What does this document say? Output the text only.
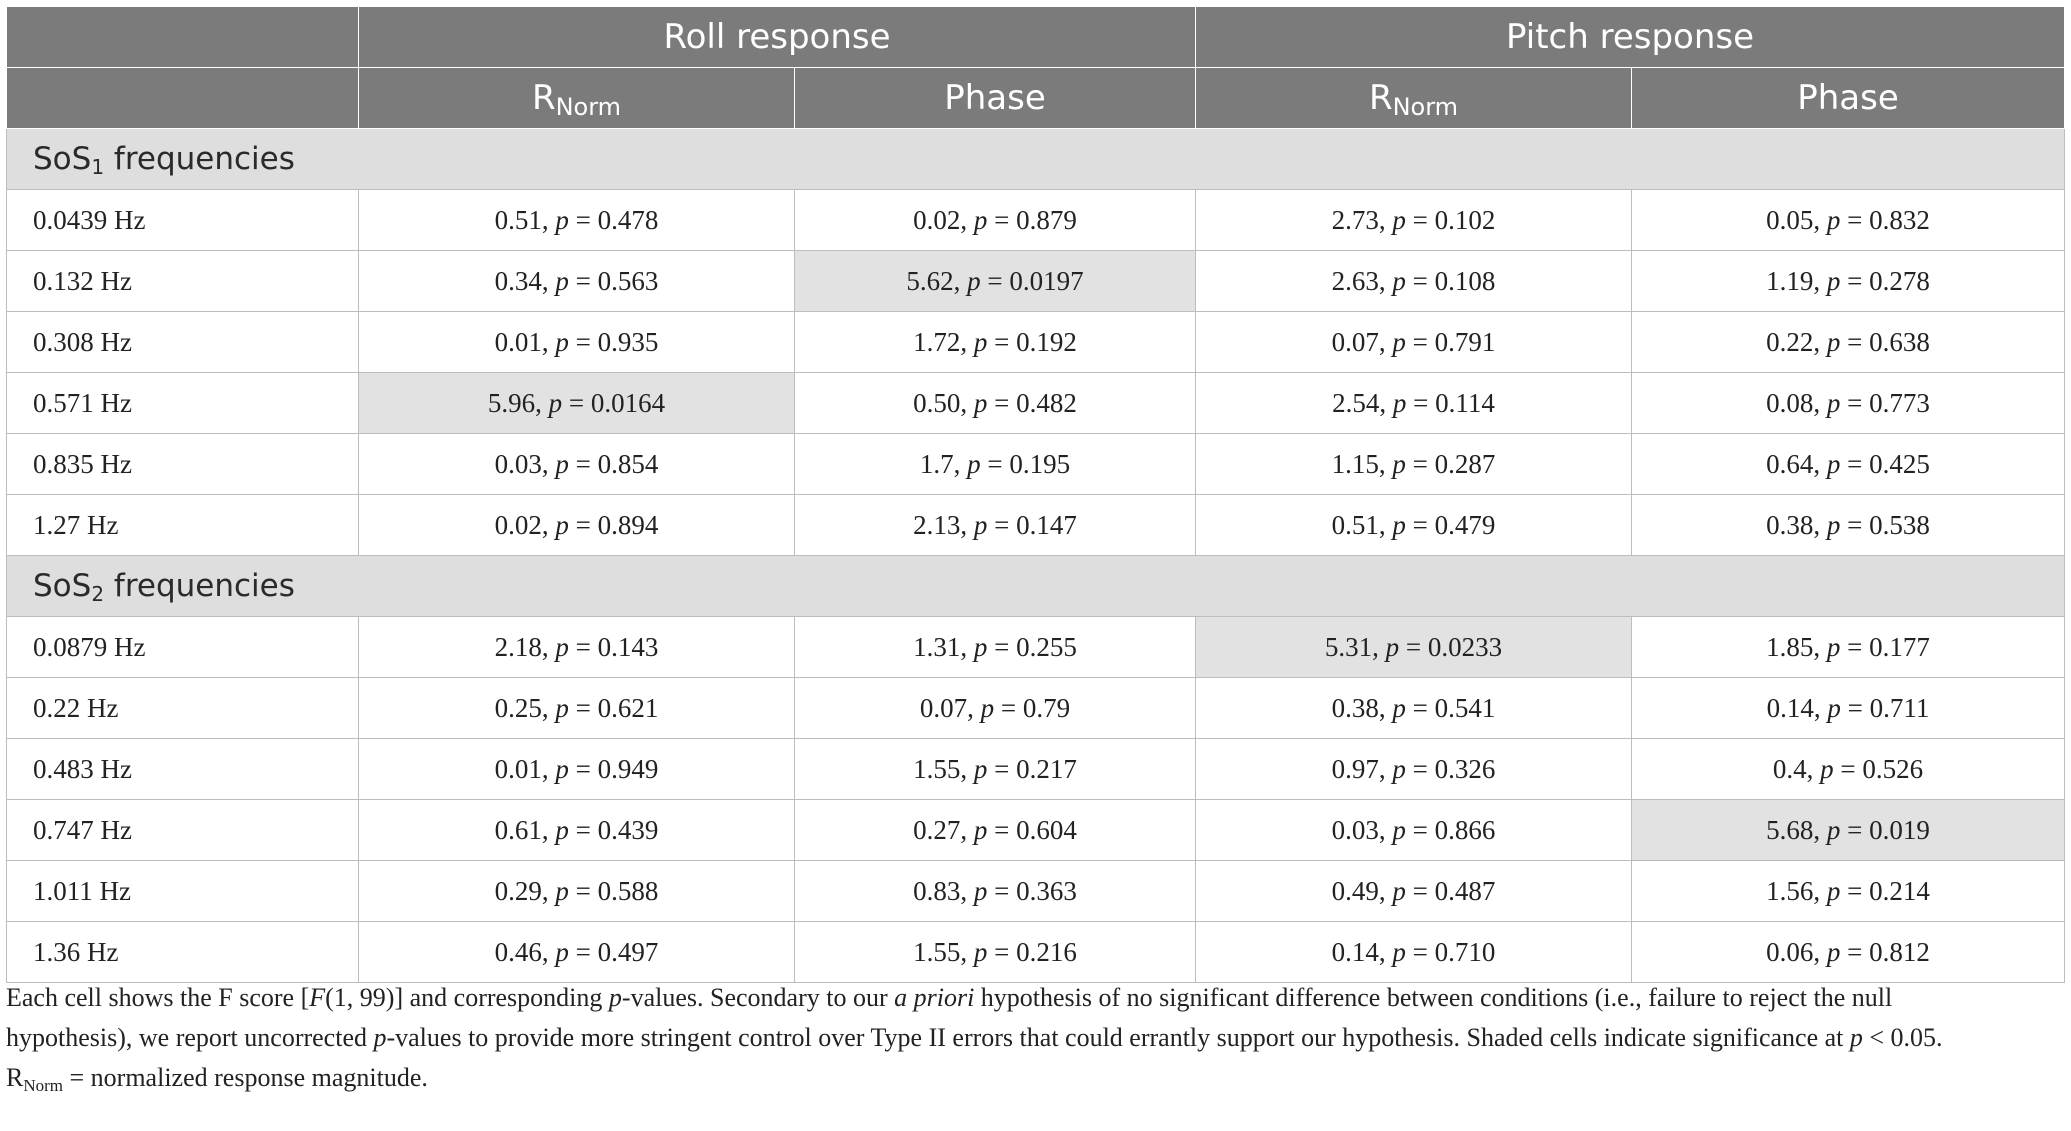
	Roll response		Pitch response	
	RNorm	Phase	RNorm	Phase
SoS1 frequencies				
0.0439 Hz	0.51, p = 0.478	0.02, p = 0.879	2.73, p = 0.102	0.05, p = 0.832
0.132 Hz	0.34, p = 0.563	5.62, p = 0.0197	2.63, p = 0.108	1.19, p = 0.278
0.308 Hz	0.01, p = 0.935	1.72, p = 0.192	0.07, p = 0.791	0.22, p = 0.638
0.571 Hz	5.96, p = 0.0164	0.50, p = 0.482	2.54, p = 0.114	0.08, p = 0.773
0.835 Hz	0.03, p = 0.854	1.7, p = 0.195	1.15, p = 0.287	0.64, p = 0.425
1.27 Hz	0.02, p = 0.894	2.13, p = 0.147	0.51, p = 0.479	0.38, p = 0.538
SoS2 frequencies				
0.0879 Hz	2.18, p = 0.143	1.31, p = 0.255	5.31, p = 0.0233	1.85, p = 0.177
0.22 Hz	0.25, p = 0.621	0.07, p = 0.79	0.38, p = 0.541	0.14, p = 0.711
0.483 Hz	0.01, p = 0.949	1.55, p = 0.217	0.97, p = 0.326	0.4, p = 0.526
0.747 Hz	0.61, p = 0.439	0.27, p = 0.604	0.03, p = 0.866	5.68, p = 0.019
1.011 Hz	0.29, p = 0.588	0.83, p = 0.363	0.49, p = 0.487	1.56, p = 0.214
1.36 Hz	0.46, p = 0.497	1.55, p = 0.216	0.14, p = 0.710	0.06, p = 0.812
Each cell shows the F score [F(1, 99)] and corresponding p-values. Secondary to our a priori hypothesis of no significant difference between conditions (i.e., failure to reject the null
hypothesis), we report uncorrected p-values to provide more stringent control over Type II errors that could errantly support our hypothesis. Shaded cells indicate significance at p < 0.05.
RNorm = normalized response magnitude.
